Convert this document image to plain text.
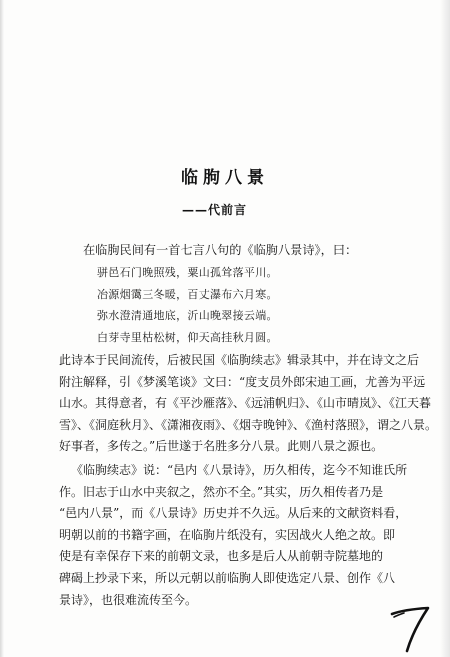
临朐八景
——代前言
在临朐民间有一首七言八句的《临朐八景诗》，曰：
骈邑石门晚照残，粟山孤耸落平川。
冶源烟霭三冬暖，百丈瀑布六月寒。
弥水澄清通地底，沂山晚翠接云端。
白芽寺里枯松树，仰天高挂秋月圆。
此诗本于民间流传，后被民国《临朐续志》辑录其中，并在诗文之后
附注解释，引《梦溪笔谈》文曰：“度支员外郎宋迪工画，尤善为平远
山水。其得意者，有《平沙雁落》、《远浦帆归》、《山市晴岚》、《江天暮
雪》、《洞庭秋月》、《潇湘夜雨》、《烟寺晚钟》、《渔村落照》，谓之八景。
好事者，多传之。”后世遂于名胜多分八景。此则八景之源也。
《临朐续志》说：“邑内《八景诗》，历久相传，迄今不知谁氏所
作。旧志于山水中夹叙之，然亦不全。”其实，历久相传者乃是
“邑内八景”，而《八景诗》历史并不久远。从后来的文献资料看，
明朝以前的书籍字画，在临朐片纸没有，实因战火人绝之故。即
使是有幸保存下来的前朝文录，也多是后人从前朝寺院墓地的
碑碣上抄录下来，所以元朝以前临朐人即使选定八景、创作《八
景诗》，也很难流传至今。
